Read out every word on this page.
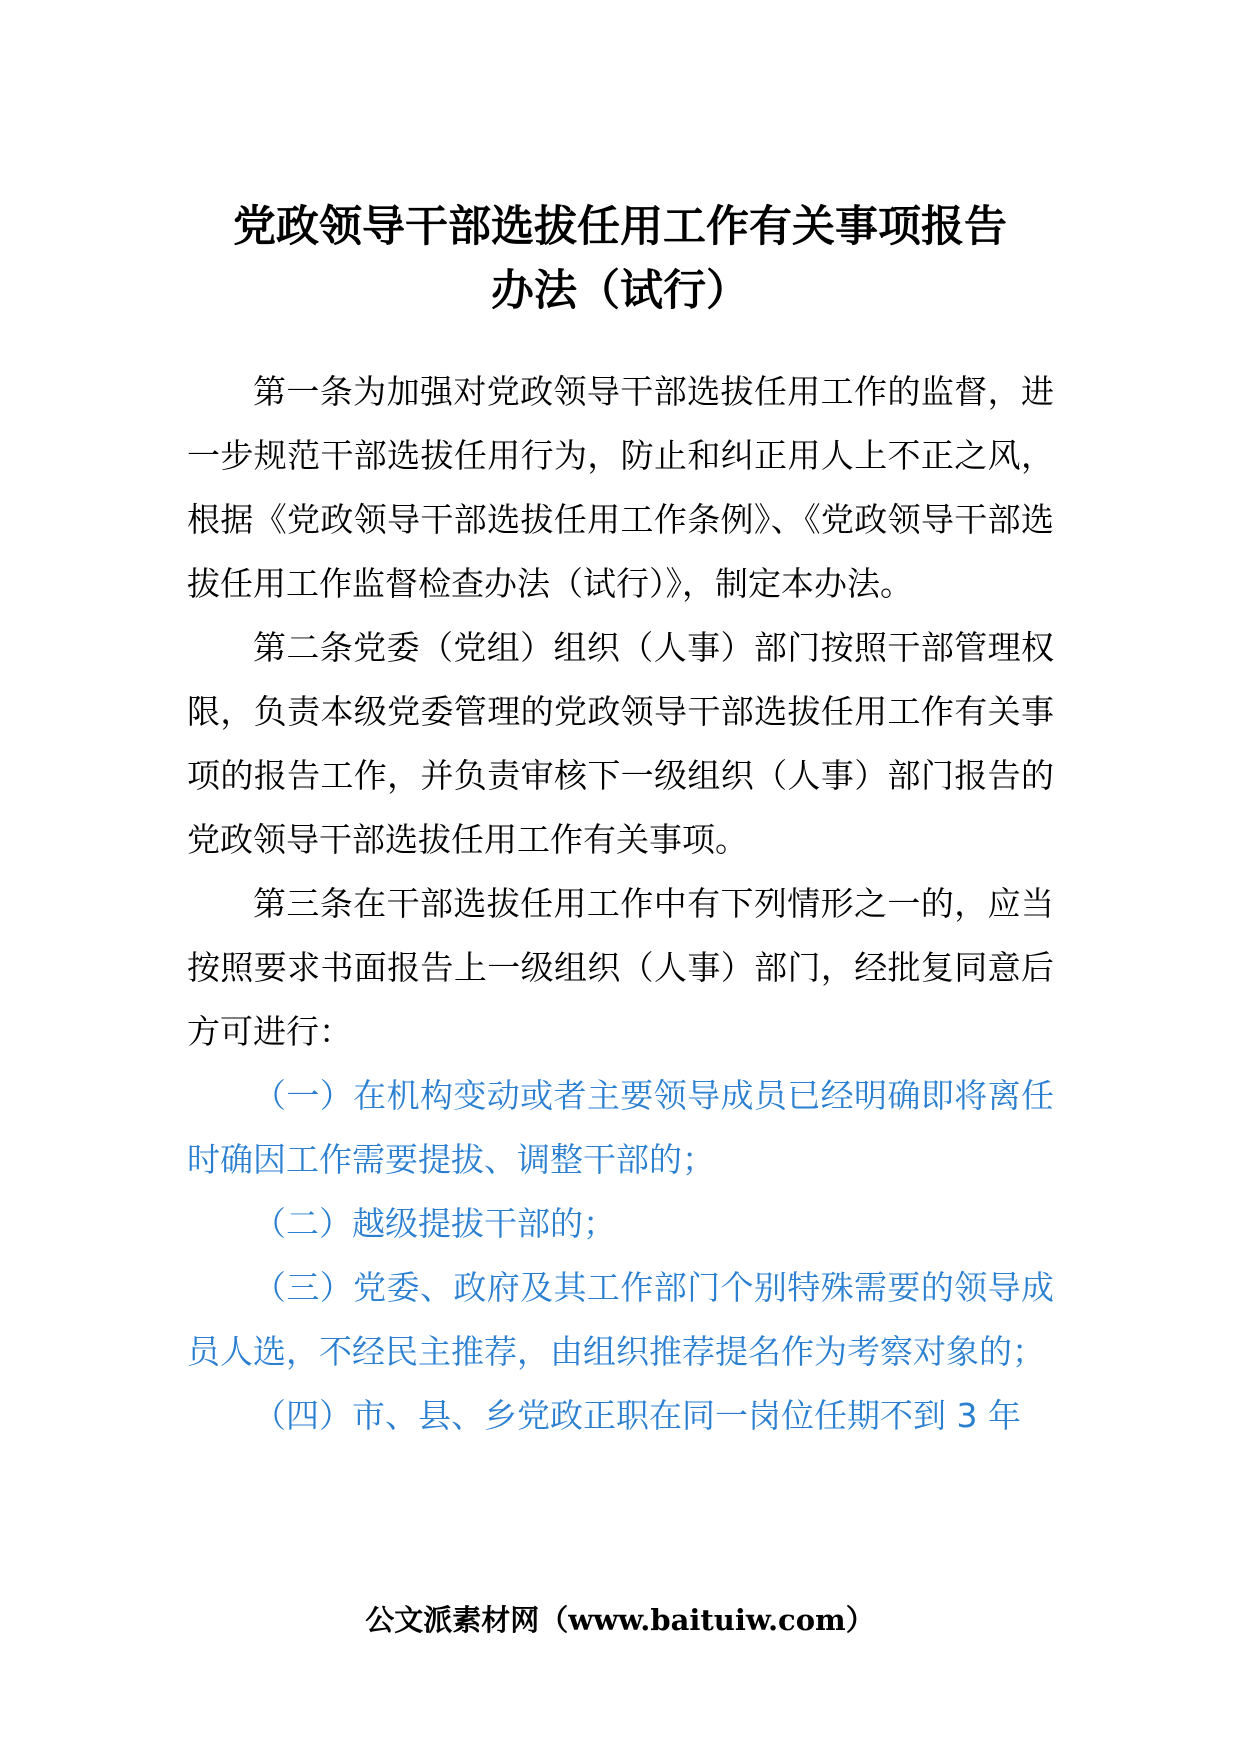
党政领导干部选拔任用工作有关事项报告
办法（试行）

第一条为加强对党政领导干部选拔任用工作的监督，进一步规范干部选拔任用行为，防止和纠正用人上不正之风，根据《党政领导干部选拔任用工作条例》、《党政领导干部选拔任用工作监督检查办法（试行）》，制定本办法。

第二条党委（党组）组织（人事）部门按照干部管理权限，负责本级党委管理的党政领导干部选拔任用工作有关事项的报告工作，并负责审核下一级组织（人事）部门报告的党政领导干部选拔任用工作有关事项。

第三条在干部选拔任用工作中有下列情形之一的，应当按照要求书面报告上一级组织（人事）部门，经批复同意后方可进行：

（一）在机构变动或者主要领导成员已经明确即将离任时确因工作需要提拔、调整干部的；

（二）越级提拔干部的；

（三）党委、政府及其工作部门个别特殊需要的领导成员人选，不经民主推荐，由组织推荐提名作为考察对象的；

（四）市、县、乡党政正职在同一岗位任期不到 3 年

公文派素材网（www.baituiw.com）
